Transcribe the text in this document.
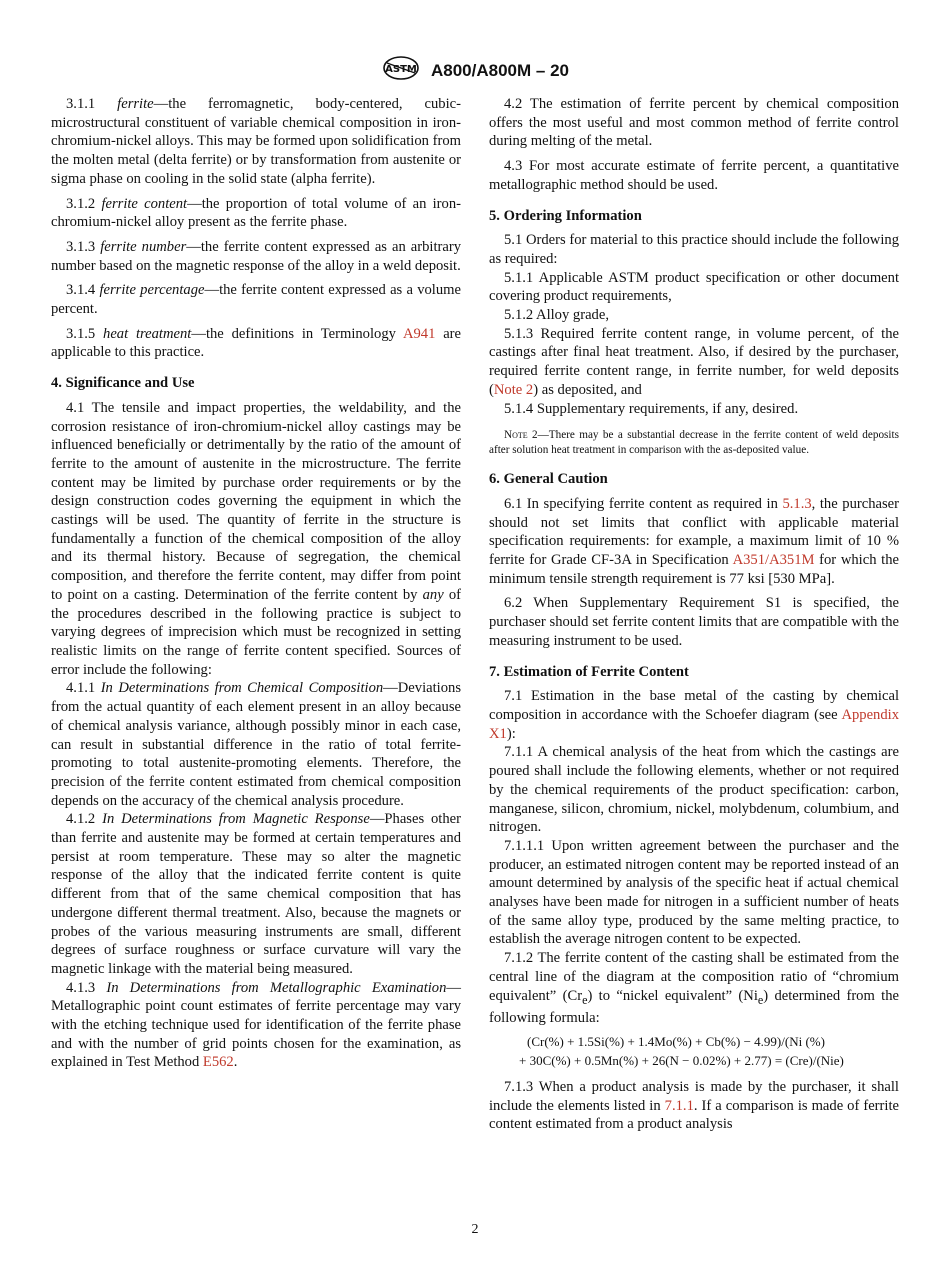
ASTM A800/A800M – 20

3.1.1 ferrite—the ferromagnetic, body-centered, cubic-microstructural constituent of variable chemical composition in iron-chromium-nickel alloys. This may be formed upon solidification from the molten metal (delta ferrite) or by transformation from austenite or sigma phase on cooling in the solid state (alpha ferrite).

3.1.2 ferrite content—the proportion of total volume of an iron-chromium-nickel alloy present as the ferrite phase.

3.1.3 ferrite number—the ferrite content expressed as an arbitrary number based on the magnetic response of the alloy in a weld deposit.

3.1.4 ferrite percentage—the ferrite content expressed as a volume percent.

3.1.5 heat treatment—the definitions in Terminology A941 are applicable to this practice.

4. Significance and Use

4.1 The tensile and impact properties, the weldability, and the corrosion resistance of iron-chromium-nickel alloy castings may be influenced beneficially or detrimentally by the ratio of the amount of ferrite to the amount of austenite in the microstructure. The ferrite content may be limited by purchase order requirements or by the design construction codes governing the equipment in which the castings will be used. The quantity of ferrite in the structure is fundamentally a function of the chemical composition of the alloy and its thermal history. Because of segregation, the chemical composition, and therefore the ferrite content, may differ from point to point on a casting. Determination of the ferrite content by any of the procedures described in the following practice is subject to varying degrees of imprecision which must be recognized in setting realistic limits on the range of ferrite content specified. Sources of error include the following:

4.1.1 In Determinations from Chemical Composition—Deviations from the actual quantity of each element present in an alloy because of chemical analysis variance, although possibly minor in each case, can result in substantial difference in the ratio of total ferrite-promoting to total austenite-promoting elements. Therefore, the precision of the ferrite content estimated from chemical composition depends on the accuracy of the chemical analysis procedure.

4.1.2 In Determinations from Magnetic Response—Phases other than ferrite and austenite may be formed at certain temperatures and persist at room temperature. These may so alter the magnetic response of the alloy that the indicated ferrite content is quite different from that of the same chemical composition that has undergone different thermal treatment. Also, because the magnets or probes of the various measuring instruments are small, different degrees of surface roughness or surface curvature will vary the magnetic linkage with the material being measured.

4.1.3 In Determinations from Metallographic Examination—Metallographic point count estimates of ferrite percentage may vary with the etching technique used for identification of the ferrite phase and with the number of grid points chosen for the examination, as explained in Test Method E562.

4.2 The estimation of ferrite percent by chemical composition offers the most useful and most common method of ferrite control during melting of the metal.

4.3 For most accurate estimate of ferrite percent, a quantitative metallographic method should be used.

5. Ordering Information

5.1 Orders for material to this practice should include the following as required:

5.1.1 Applicable ASTM product specification or other document covering product requirements,

5.1.2 Alloy grade,

5.1.3 Required ferrite content range, in volume percent, of the castings after final heat treatment. Also, if desired by the purchaser, required ferrite content range, in ferrite number, for weld deposits (Note 2) as deposited, and

5.1.4 Supplementary requirements, if any, desired.

Note 2—There may be a substantial decrease in the ferrite content of weld deposits after solution heat treatment in comparison with the as-deposited value.
6. General Caution

6.1 In specifying ferrite content as required in 5.1.3, the purchaser should not set limits that conflict with applicable material specification requirements: for example, a maximum limit of 10 % ferrite for Grade CF-3A in Specification A351/A351M for which the minimum tensile strength requirement is 77 ksi [530 MPa].

6.2 When Supplementary Requirement S1 is specified, the purchaser should set ferrite content limits that are compatible with the measuring instrument to be used.

7. Estimation of Ferrite Content

7.1 Estimation in the base metal of the casting by chemical composition in accordance with the Schoefer diagram (see Appendix X1):

7.1.1 A chemical analysis of the heat from which the castings are poured shall include the following elements, whether or not required by the chemical requirements of the product specification: carbon, manganese, silicon, chromium, nickel, molybdenum, columbium, and nitrogen.

7.1.1.1 Upon written agreement between the purchaser and the producer, an estimated nitrogen content may be reported instead of an amount determined by analysis of the specific heat if actual chemical analyses have been made for nitrogen in a sufficient number of heats of the same alloy type, produced by the same melting practice, to establish the average nitrogen content to be expected.

7.1.2 The ferrite content of the casting shall be estimated from the central line of the diagram at the composition ratio of “chromium equivalent” $(Cr_e)$ to “nickel equivalent” $(Ni_e)$ determined from the following formula:

(Cr(%) + 1.5Si(%) + 1.4Mo(%) + Cb(%) − 4.99)/(Ni (%)
+ 30C(%) + 0.5Mn(%) + 26(N − 0.02%) + 2.77) = (Cre)/(Nie)

7.1.3 When a product analysis is made by the purchaser, it shall include the elements listed in 7.1.1. If a comparison is made of ferrite content estimated from a product analysis

2
